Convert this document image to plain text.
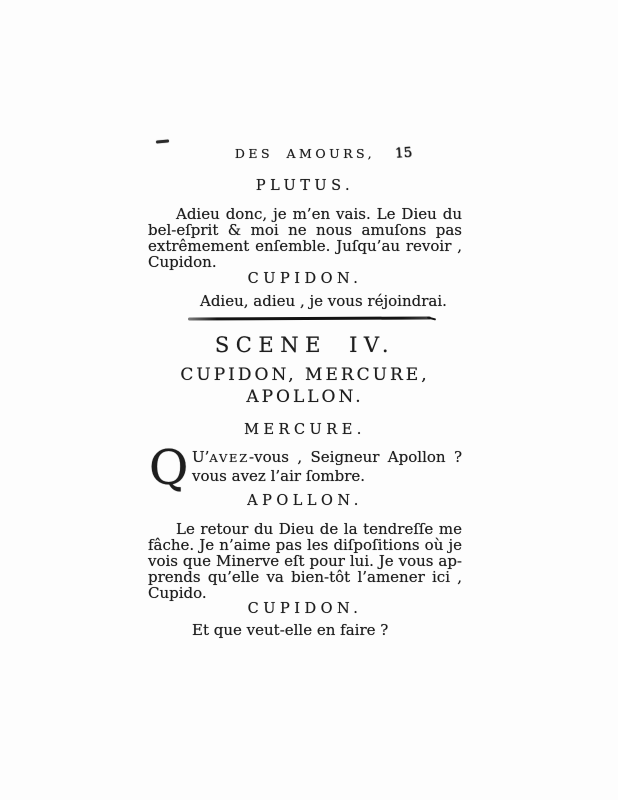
DES AMOURS,	15
PLUTUS.
Adieu donc, je m’en vais. Le Dieu du
bel-eſprit & moi ne nous amuſons pas
extrêmement enſemble. Juſqu’au revoir ,
Cupidon.
CUPIDON.
Adieu, adieu , je vous réjoindrai.
SCENE IV.
CUPIDON, MERCURE,
APOLLON.
MERCURE.
Q U’AVEZ-vous , Seigneur Apollon ?
vous avez l’air ſombre.
APOLLON.
Le retour du Dieu de la tendreſſe me
fâche. Je n’aime pas les diſpoſitions où je
vois que Minerve eſt pour lui. Je vous ap-
prends qu’elle va bien-tôt l’amener ici ,
Cupido.
CUPIDON.
Et que veut-elle en faire ?
